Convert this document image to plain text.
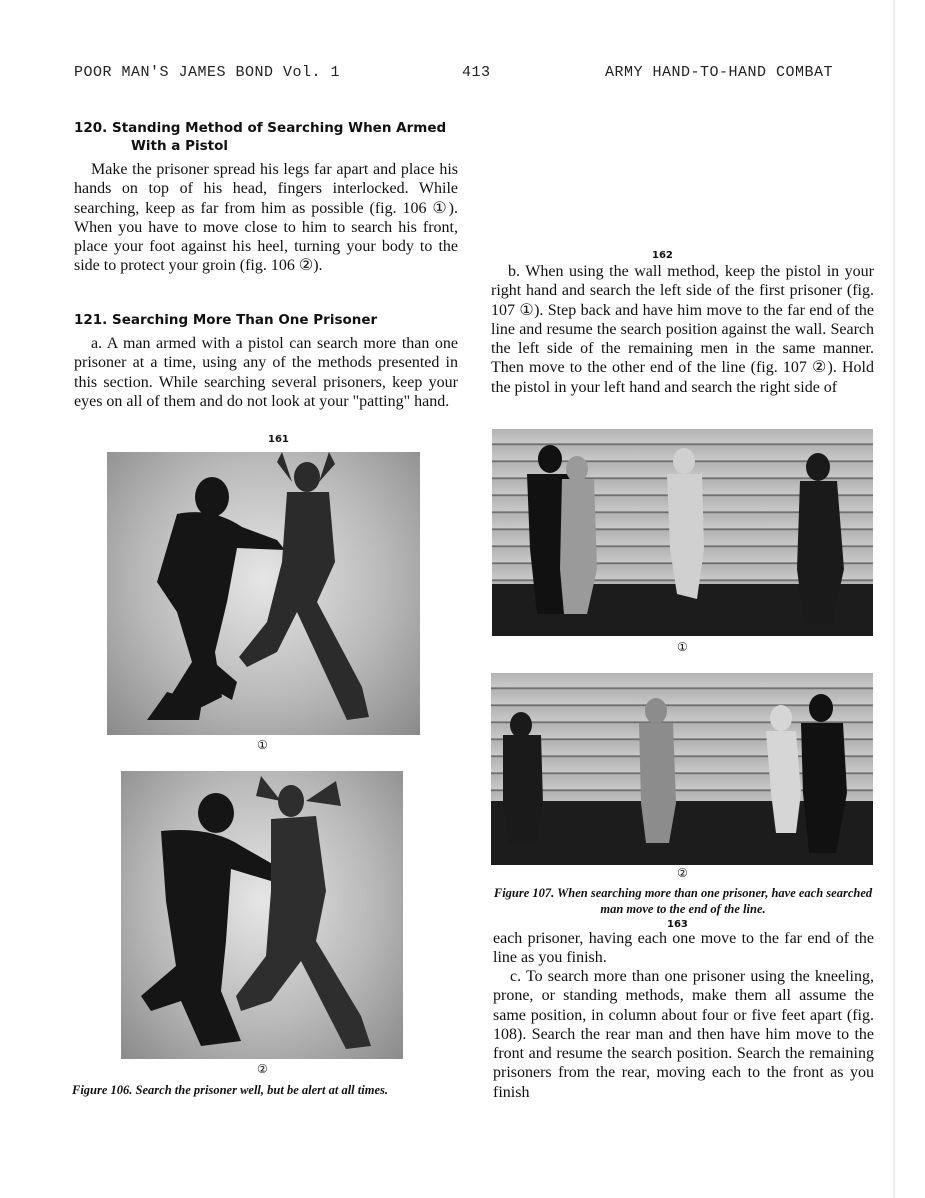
POOR MAN'S JAMES BOND Vol. 1	413	ARMY HAND-TO-HAND COMBAT
120. Standing Method of Searching When Armed
With a Pistol
Make the prisoner spread his legs far apart and place his hands on top of his head, fingers interlocked. While searching, keep as far from him as possible (fig. 106 ①). When you have to move close to him to search his front, place your foot against his heel, turning your body to the side to protect your groin (fig. 106 ②).
121. Searching More Than One Prisoner
a. A man armed with a pistol can search more than one prisoner at a time, using any of the methods presented in this section. While searching several prisoners, keep your eyes on all of them and do not look at your "patting" hand.
161
①
②
Figure 106. Search the prisoner well, but be alert at all times.
162
b. When using the wall method, keep the pistol in your right hand and search the left side of the first prisoner (fig. 107 ①). Step back and have him move to the far end of the line and resume the search position against the wall. Search the left side of the remaining men in the same manner. Then move to the other end of the line (fig. 107 ②). Hold the pistol in your left hand and search the right side of
①
②
Figure 107. When searching more than one prisoner, have each searched man move to the end of the line.
163
each prisoner, having each one move to the far end of the line as you finish.
c. To search more than one prisoner using the kneeling, prone, or standing methods, make them all assume the same position, in column about four or five feet apart (fig. 108). Search the rear man and then have him move to the front and resume the search position. Search the remaining prisoners from the rear, moving each to the front as you finish
